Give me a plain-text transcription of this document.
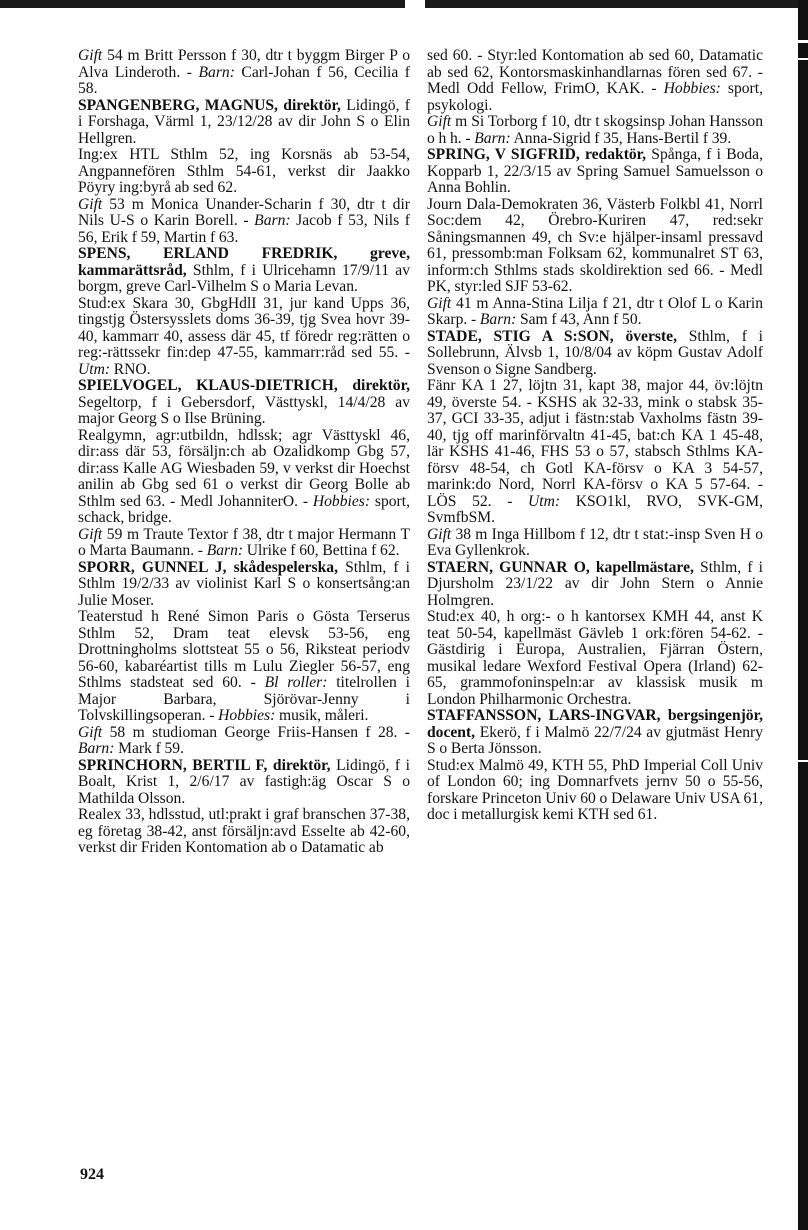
Gift 54 m Britt Persson f 30, dtr t byggm Birger P o Alva Linderoth. - Barn: Carl-Johan f 56, Cecilia f 58.

SPANGENBERG, MAGNUS, direktör, Lidingö, f i Forshaga, Värml 1, 23/12/28 av dir John S o Elin Hellgren.

Ing:ex HTL Sthlm 52, ing Korsnäs ab 53-54, Angpannefören Sthlm 54-61, verkst dir Jaakko Pöyry ing:byrå ab sed 62.

Gift 53 m Monica Unander-Scharin f 30, dtr t dir Nils U-S o Karin Borell. - Barn: Jacob f 53, Nils f 56, Erik f 59, Martin f 63.

SPENS, ERLAND FREDRIK, greve, kammarättsråd, Sthlm, f i Ulricehamn 17/9/11 av borgm, greve Carl-Vilhelm S o Maria Levan.

Stud:ex Skara 30, GbgHdlI 31, jur kand Upps 36, tingstjg Östersysslets doms 36-39, tjg Svea hovr 39-40, kammarr 40, assess där 45, tf föredr reg:rätten o reg:-rättssekr fin:dep 47-55, kammarr:råd sed 55. - Utm: RNO.

SPIELVOGEL, KLAUS-DIETRICH, direktör, Segeltorp, f i Gebersdorf, Västtyskl, 14/4/28 av major Georg S o Ilse Brüning.

Realgymn, agr:utbildn, hdlssk; agr Västtyskl 46, dir:ass där 53, försäljn:ch ab Ozalidkomp Gbg 57, dir:ass Kalle AG Wiesbaden 59, v verkst dir Hoechst anilin ab Gbg sed 61 o verkst dir Georg Bolle ab Sthlm sed 63. - Medl JohanniterO. - Hobbies: sport, schack, bridge.

Gift 59 m Traute Textor f 38, dtr t major Hermann T o Marta Baumann. - Barn: Ulrike f 60, Bettina f 62.

SPORR, GUNNEL J, skådespelerska, Sthlm, f i Sthlm 19/2/33 av violinist Karl S o konsertsång:an Julie Moser.

Teaterstud h René Simon Paris o Gösta Terserus Sthlm 52, Dram teat elevsk 53-56, eng Drottningholms slottsteat 55 o 56, Riksteat periodv 56-60, kabaréartist tills m Lulu Ziegler 56-57, eng Sthlms stadsteat sed 60. - Bl roller: titelrollen i Major Barbara, Sjörövar-Jenny i Tolvskillingsoperan. - Hobbies: musik, måleri.

Gift 58 m studioman George Friis-Hansen f 28. - Barn: Mark f 59.

SPRINCHORN, BERTIL F, direktör, Lidingö, f i Boalt, Krist 1, 2/6/17 av fastigh:äg Oscar S o Mathilda Olsson.

Realex 33, hdlsstud, utl:prakt i graf branschen 37-38, eg företag 38-42, anst försäljn:avd Esselte ab 42-60, verkst dir Friden Kontomation ab o Datamatic ab

sed 60. - Styr:led Kontomation ab sed 60, Datamatic ab sed 62, Kontorsmaskinhandlarnas fören sed 67. - Medl Odd Fellow, FrimO, KAK. - Hobbies: sport, psykologi.

Gift m Si Torborg f 10, dtr t skogsinsp Johan Hansson o h h. - Barn: Anna-Sigrid f 35, Hans-Bertil f 39.

SPRING, V SIGFRID, redaktör, Spånga, f i Boda, Kopparb 1, 22/3/15 av Spring Samuel Samuelsson o Anna Bohlin.

Journ Dala-Demokraten 36, Västerb Folkbl 41, Norrl Soc:dem 42, Örebro-Kuriren 47, red:sekr Såningsmannen 49, ch Sv:e hjälper-insaml pressavd 61, pressomb:man Folksam 62, kommunalret ST 63, inform:ch Sthlms stads skoldirektion sed 66. - Medl PK, styr:led SJF 53-62.

Gift 41 m Anna-Stina Lilja f 21, dtr t Olof L o Karin Skarp. - Barn: Sam f 43, Ann f 50.

STADE, STIG A S:SON, överste, Sthlm, f i Sollebrunn, Älvsb 1, 10/8/04 av köpm Gustav Adolf Svenson o Signe Sandberg.

Fänr KA 1 27, löjtn 31, kapt 38, major 44, öv:löjtn 49, överste 54. - KSHS ak 32-33, mink o stabsk 35-37, GCI 33-35, adjut i fästn:stab Vaxholms fästn 39-40, tjg off marinförvaltn 41-45, bat:ch KA 1 45-48, lär KSHS 41-46, FHS 53 o 57, stabsch Sthlms KA-försv 48-54, ch Gotl KA-försv o KA 3 54-57, marink:do Nord, Norrl KA-försv o KA 5 57-64. - LÖS 52. - Utm: KSO1kl, RVO, SVK-GM, SvmfbSM.

Gift 38 m Inga Hillbom f 12, dtr t stat:-insp Sven H o Eva Gyllenkrok.

STAERN, GUNNAR O, kapellmästare, Sthlm, f i Djursholm 23/1/22 av dir John Stern o Annie Holmgren.

Stud:ex 40, h org:- o h kantorsex KMH 44, anst K teat 50-54, kapellmäst Gävleb 1 ork:fören 54-62. - Gästdirig i Europa, Australien, Fjärran Östern, musikal ledare Wexford Festival Opera (Irland) 62-65, grammofoninspeln:ar av klassisk musik m London Philharmonic Orchestra.

STAFFANSSON, LARS-INGVAR, bergsingenjör, docent, Ekerö, f i Malmö 22/7/24 av gjutmäst Henry S o Berta Jönsson.

Stud:ex Malmö 49, KTH 55, PhD Imperial Coll Univ of London 60; ing Domnarfvets jernv 50 o 55-56, forskare Princeton Univ 60 o Delaware Univ USA 61, doc i metallurgisk kemi KTH sed 61.

924
